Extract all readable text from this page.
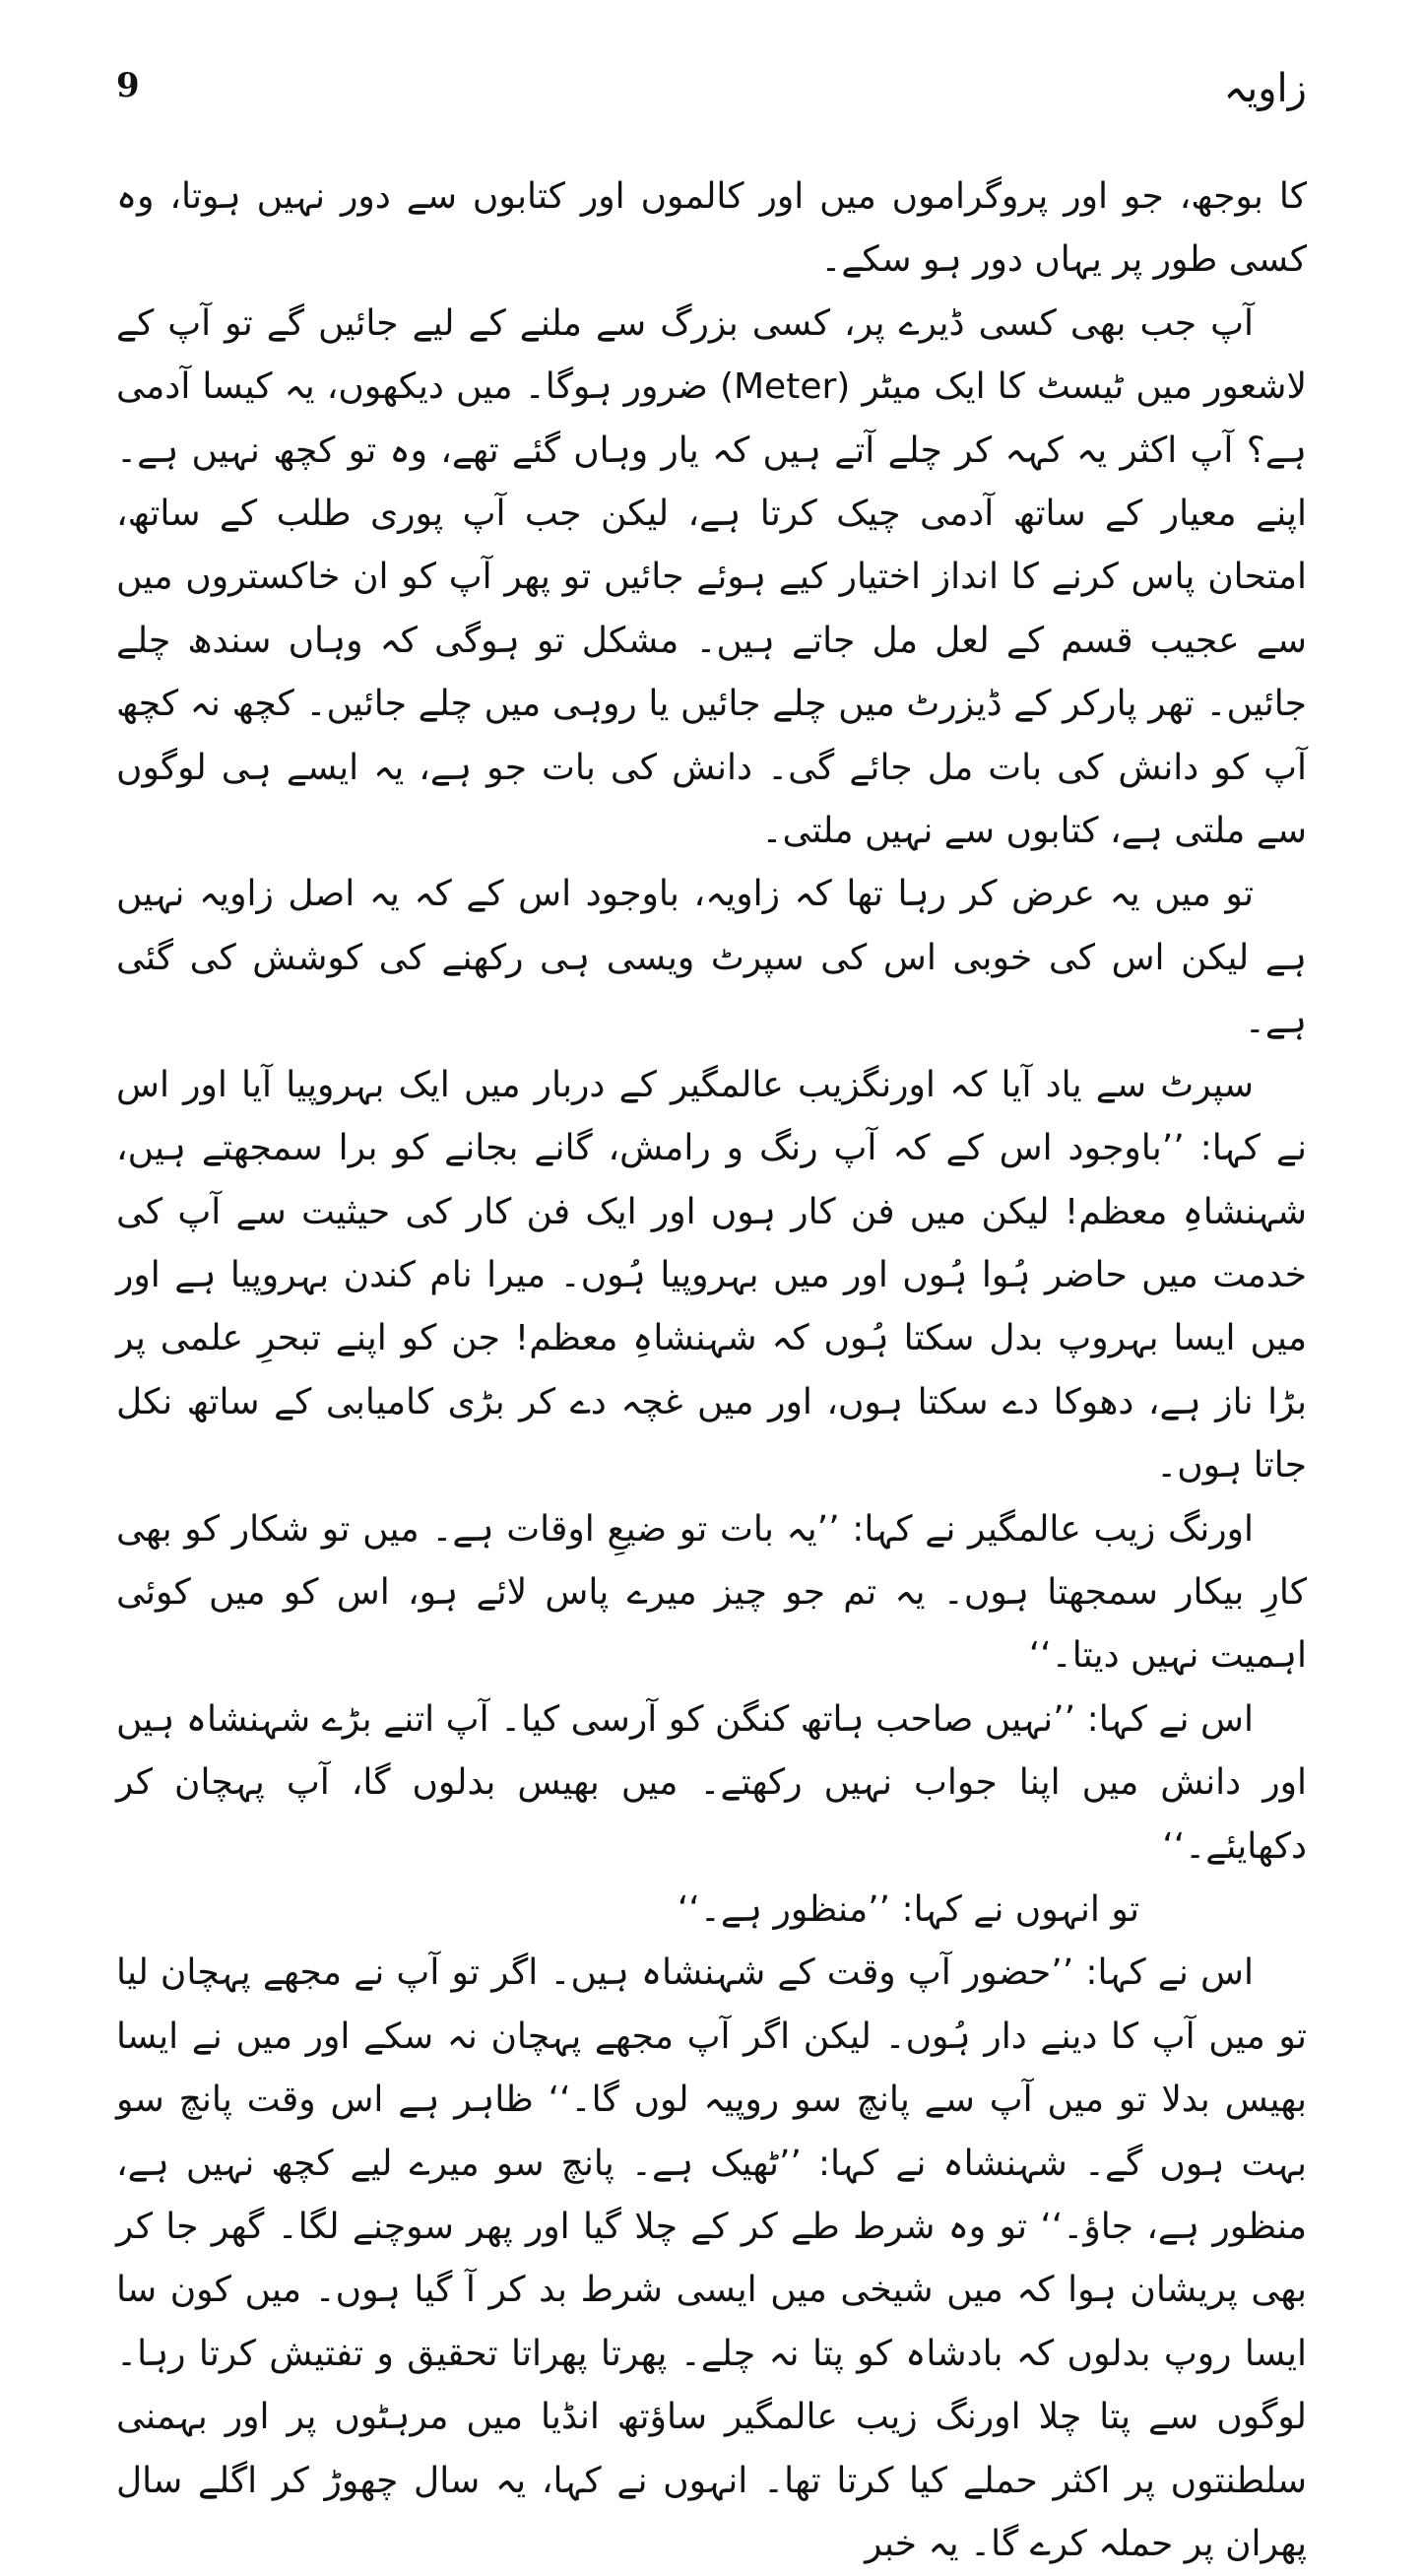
9	زاویہ

کا بوجھ، جو اور پروگراموں میں اور کالموں اور کتابوں سے دور نہیں ہوتا، وہ کسی طور پر یہاں دور ہو سکے۔

آپ جب بھی کسی ڈیرے پر، کسی بزرگ سے ملنے کے لیے جائیں گے تو آپ کے لاشعور میں ٹیسٹ کا ایک میٹر (Meter) ضرور ہوگا۔ میں دیکھوں، یہ کیسا آدمی ہے؟ آپ اکثر یہ کہہ کر چلے آتے ہیں کہ یار وہاں گئے تھے، وہ تو کچھ نہیں ہے۔ اپنے معیار کے ساتھ آدمی چیک کرتا ہے، لیکن جب آپ پوری طلب کے ساتھ، امتحان پاس کرنے کا انداز اختیار کیے ہوئے جائیں تو پھر آپ کو ان خاکستروں میں سے عجیب قسم کے لعل مل جاتے ہیں۔ مشکل تو ہوگی کہ وہاں سندھ چلے جائیں۔ تھر پارکر کے ڈیزرٹ میں چلے جائیں یا روہی میں چلے جائیں۔ کچھ نہ کچھ آپ کو دانش کی بات مل جائے گی۔ دانش کی بات جو ہے، یہ ایسے ہی لوگوں سے ملتی ہے، کتابوں سے نہیں ملتی۔

تو میں یہ عرض کر رہا تھا کہ زاویہ، باوجود اس کے کہ یہ اصل زاویہ نہیں ہے لیکن اس کی خوبی اس کی سپرٹ ویسی ہی رکھنے کی کوشش کی گئی ہے۔

سپرٹ سے یاد آیا کہ اورنگزیب عالمگیر کے دربار میں ایک بہروپیا آیا اور اس نے کہا: ’’باوجود اس کے کہ آپ رنگ و رامش، گانے بجانے کو برا سمجھتے ہیں، شہنشاہِ معظم! لیکن میں فن کار ہوں اور ایک فن کار کی حیثیت سے آپ کی خدمت میں حاضر ہُوا ہُوں اور میں بہروپیا ہُوں۔ میرا نام کندن بہروپیا ہے اور میں ایسا بہروپ بدل سکتا ہُوں کہ شہنشاہِ معظم! جن کو اپنے تبحرِ علمی پر بڑا ناز ہے، دھوکا دے سکتا ہوں، اور میں غچہ دے کر بڑی کامیابی کے ساتھ نکل جاتا ہوں۔

اورنگ زیب عالمگیر نے کہا: ’’یہ بات تو ضیعِ اوقات ہے۔ میں تو شکار کو بھی کارِ بیکار سمجھتا ہوں۔ یہ تم جو چیز میرے پاس لائے ہو، اس کو میں کوئی اہمیت نہیں دیتا۔‘‘

اس نے کہا: ’’نہیں صاحب ہاتھ کنگن کو آرسی کیا۔ آپ اتنے بڑے شہنشاہ ہیں اور دانش میں اپنا جواب نہیں رکھتے۔ میں بھیس بدلوں گا، آپ پہچان کر دکھایئے۔‘‘

تو انہوں نے کہا: ’’منظور ہے۔‘‘

اس نے کہا: ’’حضور آپ وقت کے شہنشاہ ہیں۔ اگر تو آپ نے مجھے پہچان لیا تو میں آپ کا دینے دار ہُوں۔ لیکن اگر آپ مجھے پہچان نہ سکے اور میں نے ایسا بھیس بدلا تو میں آپ سے پانچ سو روپیہ لوں گا۔‘‘ ظاہر ہے اس وقت پانچ سو بہت ہوں گے۔ شہنشاہ نے کہا: ’’ٹھیک ہے۔ پانچ سو میرے لیے کچھ نہیں ہے، منظور ہے، جاؤ۔‘‘ تو وہ شرط طے کر کے چلا گیا اور پھر سوچنے لگا۔ گھر جا کر بھی پریشان ہوا کہ میں شیخی میں ایسی شرط بد کر آ گیا ہوں۔ میں کون سا ایسا روپ بدلوں کہ بادشاہ کو پتا نہ چلے۔ پھرتا پھراتا تحقیق و تفتیش کرتا رہا۔ لوگوں سے پتا چلا اورنگ زیب عالمگیر ساؤتھ انڈیا میں مرہٹوں پر اور بہمنی سلطنتوں پر اکثر حملے کیا کرتا تھا۔ انہوں نے کہا، یہ سال چھوڑ کر اگلے سال پھران پر حملہ کرے گا۔ یہ خبر
